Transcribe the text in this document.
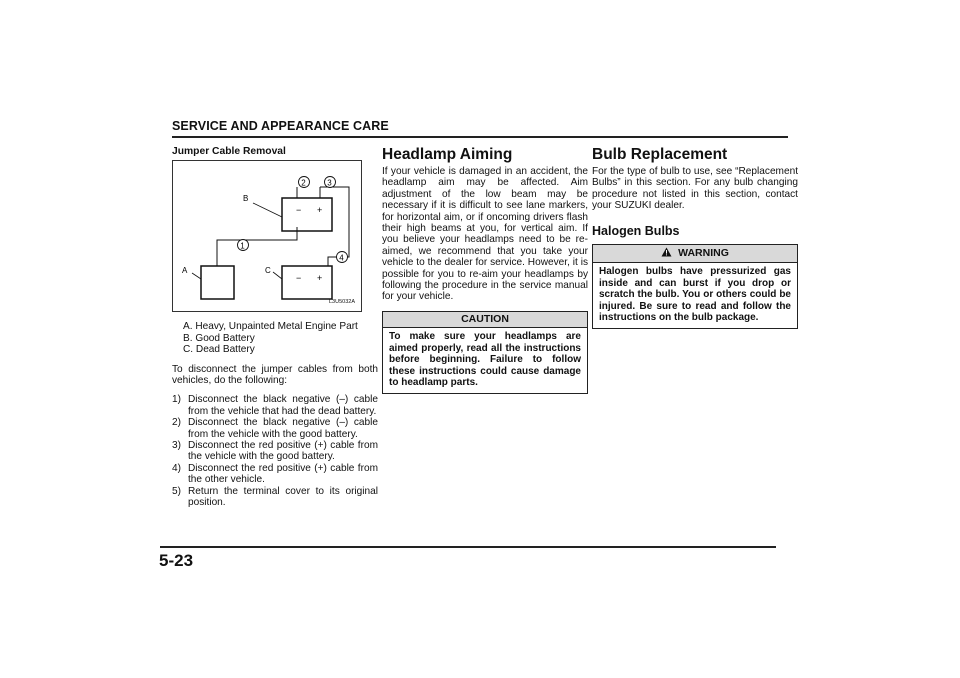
SERVICE AND APPEARANCE CARE
Jumper Cable Removal
− +
− +
B
A	C
1
2	3
4
L3U5032A
A. Heavy, Unpainted Metal Engine Part
B. Good Battery
C. Dead Battery

To disconnect the jumper cables from both vehicles, do the following:

1) Disconnect the black negative (–) cable from the vehicle that had the dead battery.
2) Disconnect the black negative (–) cable from the vehicle with the good battery.
3) Disconnect the red positive (+) cable from the vehicle with the good battery.
4) Disconnect the red positive (+) cable from the other vehicle.
5) Return the terminal cover to its original position.
Headlamp Aiming

If your vehicle is damaged in an accident, the headlamp aim may be affected. Aim adjustment of the low beam may be necessary if it is difficult to see lane markers, for horizontal aim, or if oncoming drivers flash their high beams at you, for vertical aim. If you believe your headlamps need to be re-aimed, we recommend that you take your vehicle to the dealer for service. However, it is possible for you to re-aim your headlamps by following the procedure in the service manual for your vehicle.

CAUTION
To make sure your headlamps are aimed properly, read all the instructions before beginning. Failure to follow these instructions could cause damage to headlamp parts.
Bulb Replacement

For the type of bulb to use, see “Replacement Bulbs” in this section. For any bulb changing procedure not listed in this section, contact your SUZUKI dealer.

Halogen Bulbs
WARNING
Halogen bulbs have pressurized gas inside and can burst if you drop or scratch the bulb. You or others could be injured. Be sure to read and follow the instructions on the bulb package.
5-23
